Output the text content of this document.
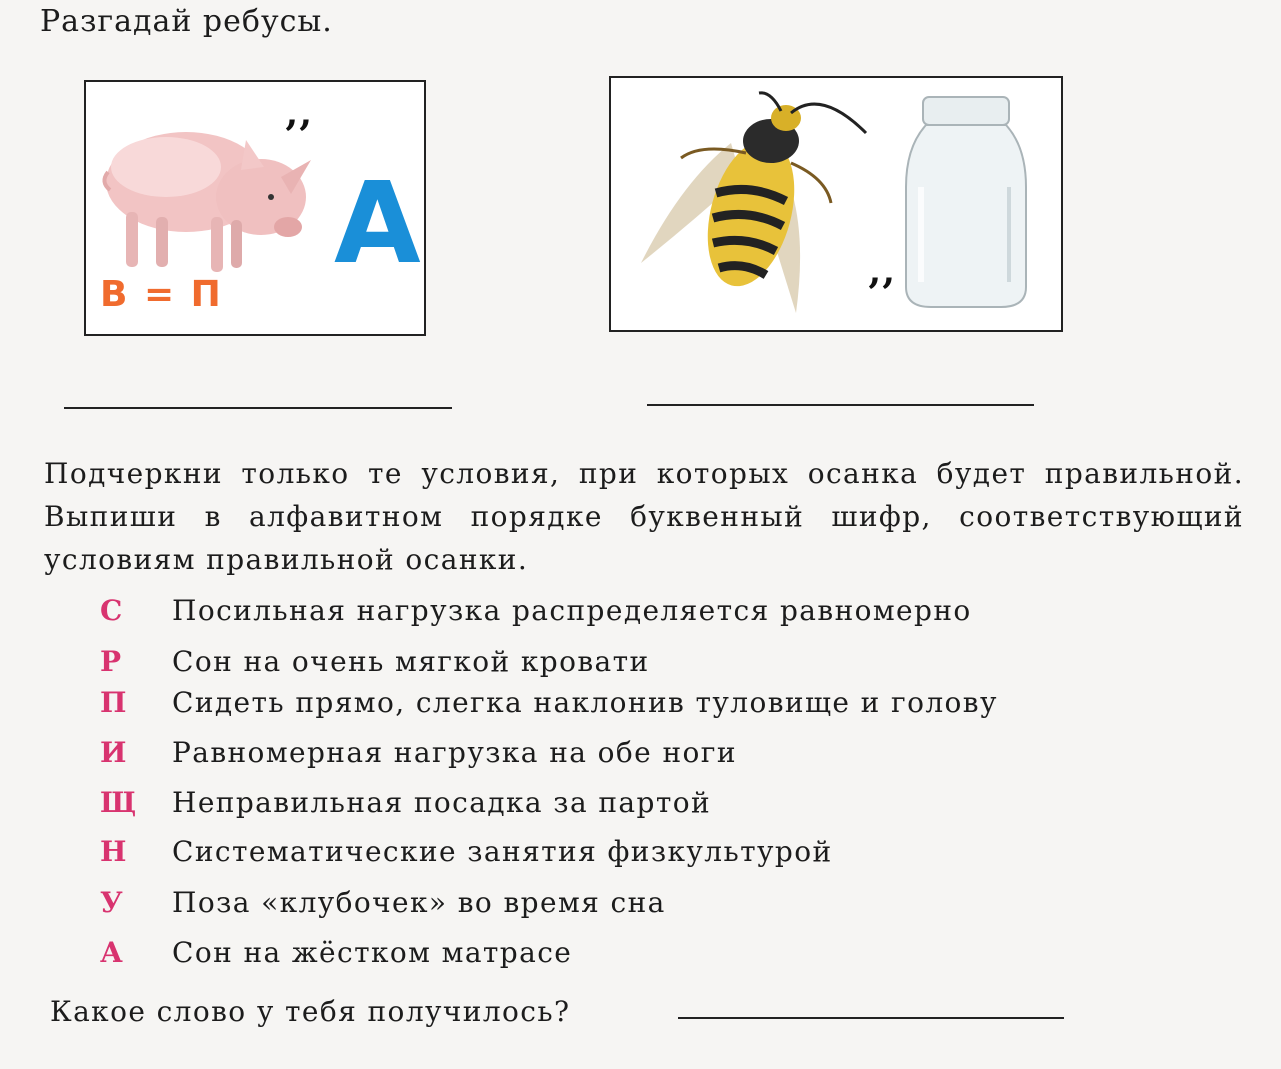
Разгадай ребусы.
’’
А
В = П	’’
Подчеркни только те условия, при которых осанка будет правильной. Выпиши в алфавитном порядке буквенный шифр, соответствующий условиям правильной осанки.
С Посильная нагрузка распределяется равномерно
Р Сон на очень мягкой кровати
П Сидеть прямо, слегка наклонив туловище и голову
И Равномерная нагрузка на обе ноги
Щ Неправильная посадка за партой
Н Систематические занятия физкультурой
У Поза «клубочек» во время сна
А Сон на жёстком матрасе
Какое слово у тебя получилось?
